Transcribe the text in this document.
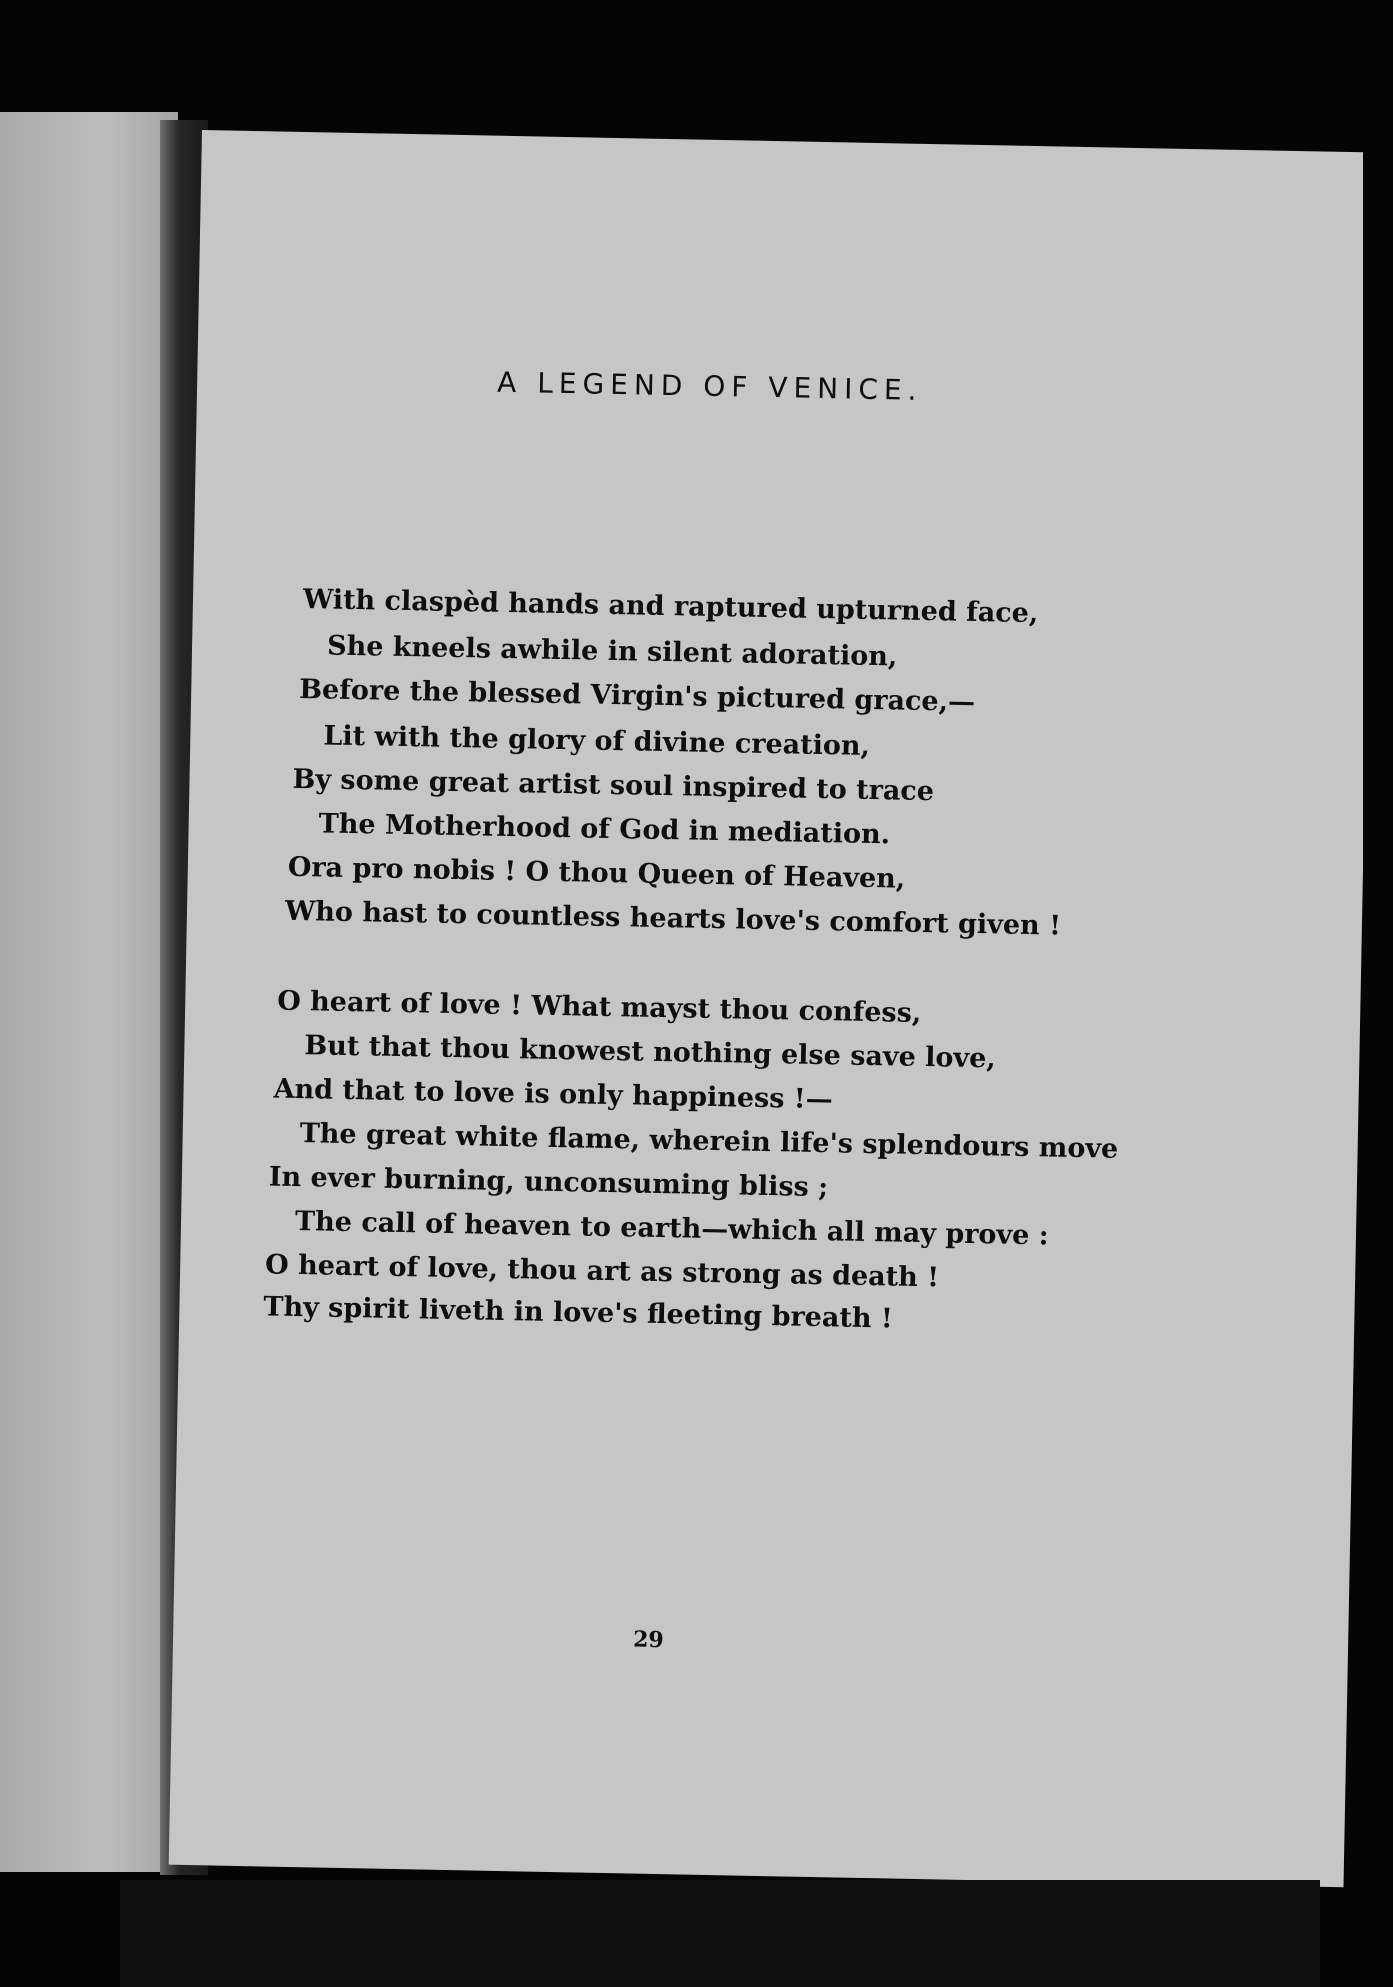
A LEGEND OF VENICE.
With claspèd hands and raptured upturned face,
She kneels awhile in silent adoration,
Before the blessed Virgin's pictured grace,—
Lit with the glory of divine creation,
By some great artist soul inspired to trace
The Motherhood of God in mediation.
Ora pro nobis ! O thou Queen of Heaven,
Who hast to countless hearts love's comfort given !
O heart of love ! What mayst thou confess,
But that thou knowest nothing else save love,
And that to love is only happiness !—
The great white flame, wherein life's splendours move
In ever burning, unconsuming bliss ;
The call of heaven to earth—which all may prove :
O heart of love, thou art as strong as death !
Thy spirit liveth in love's fleeting breath !
29
